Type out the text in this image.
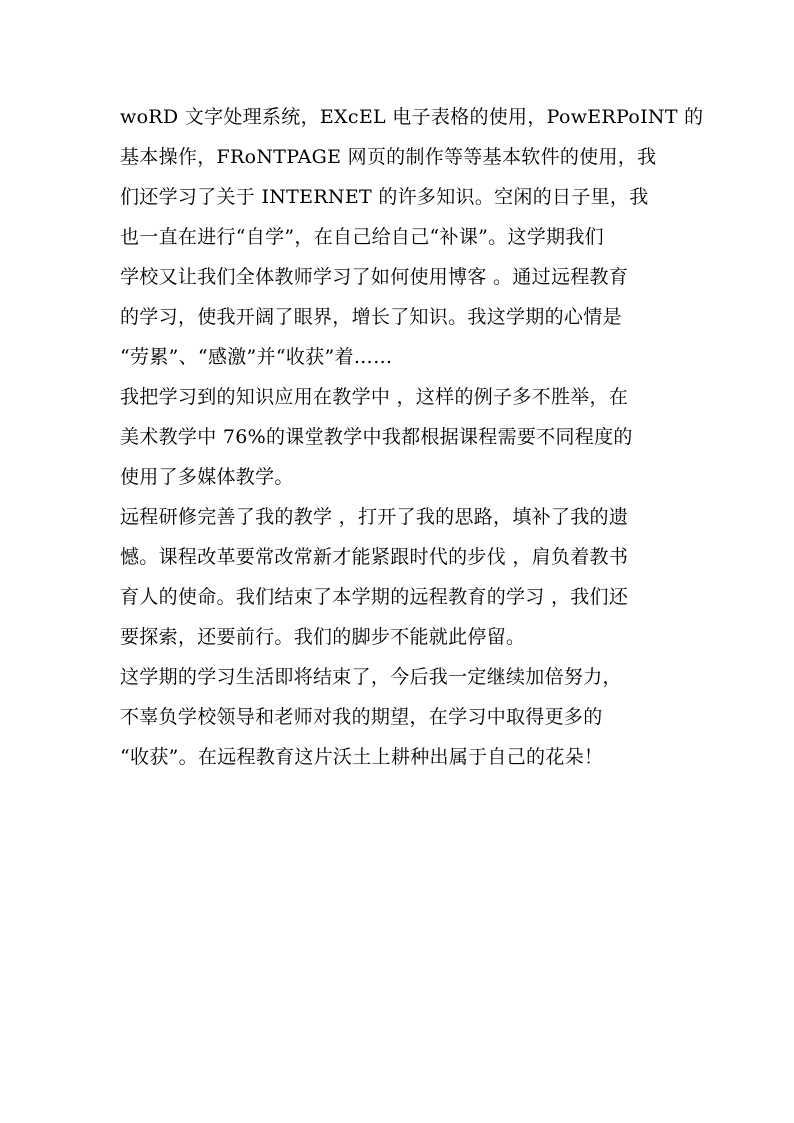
woRD 文字处理系统，EXcEL 电子表格的使用，PowERPoINT 的
基本操作，FRoNTPAGE 网页的制作等等基本软件的使用，我
们还学习了关于 INTERNET 的许多知识。空闲的日子里，我
也一直在进行“自学”，在自己给自己“补课”。这学期我们
学校又让我们全体教师学习了如何使用博客 。通过远程教育
的学习，使我开阔了眼界，增长了知识。我这学期的心情是
“劳累”、“感激”并“收获”着……

我把学习到的知识应用在教学中 ，这样的例子多不胜举，在
美术教学中 76%的课堂教学中我都根据课程需要不同程度的
使用了多媒体教学。

远程研修完善了我的教学 ，打开了我的思路，填补了我的遗
憾。课程改革要常改常新才能紧跟时代的步伐 ，肩负着教书
育人的使命。我们结束了本学期的远程教育的学习 ，我们还
要探索，还要前行。我们的脚步不能就此停留。

这学期的学习生活即将结束了，今后我一定继续加倍努力，
不辜负学校领导和老师对我的期望，在学习中取得更多的
“收获”。在远程教育这片沃土上耕种出属于自己的花朵！
